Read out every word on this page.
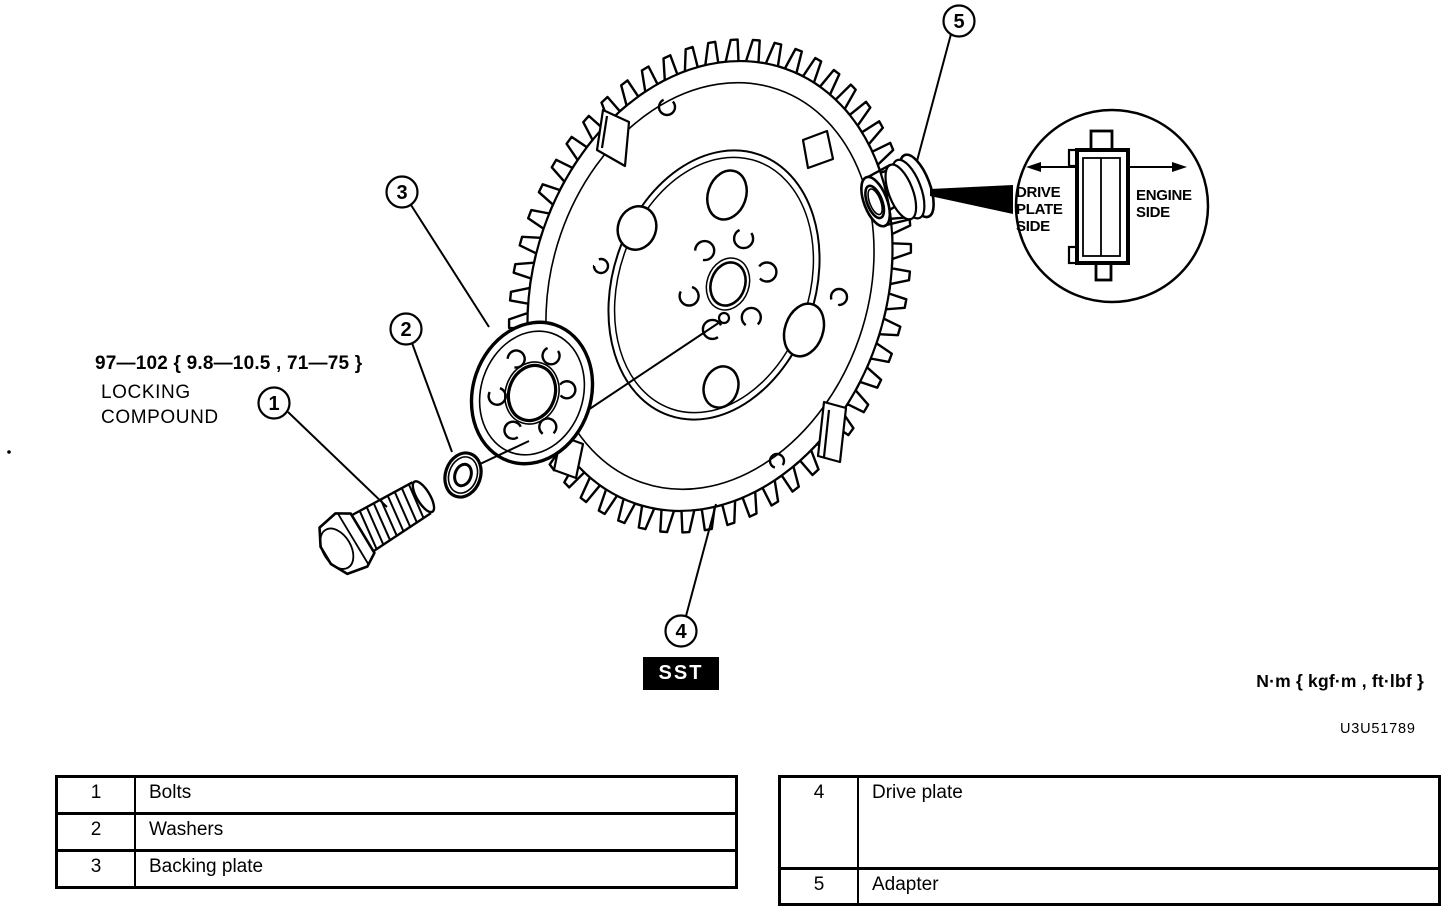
DRIVE
PLATE
SIDE
ENGINE
SIDE
1
2
3
4
5
97—102 { 9.8—10.5 , 71—75 }
LOCKING
COMPOUND
SST	N·m { kgf·m , ft·lbf }
U3U51789
1	Bolts
2	Washers
3	Backing plate
4	Drive plate
5	Adapter
